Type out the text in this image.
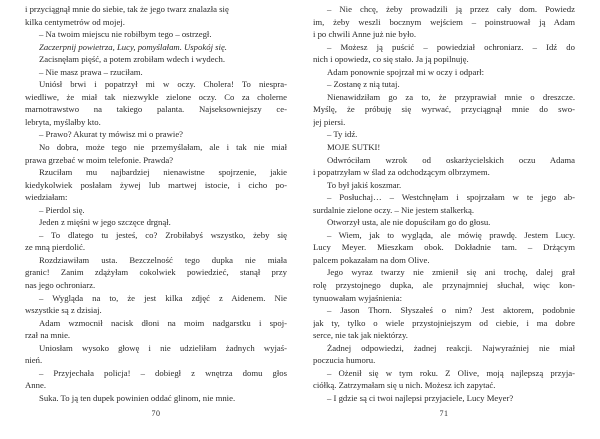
i przyciągnął mnie do siebie, tak że jego twarz znalazła się
kilka centymetrów od mojej.
– Na twoim miejscu nie robiłbym tego – ostrzegł.
Zaczerpnij powietrza, Lucy, pomyślałam. Uspokój się.
Zacisnęłam pięść, a potem zrobiłam wdech i wydech.
– Nie masz prawa – rzuciłam.
Uniósł brwi i popatrzył mi w oczy. Cholera! To niespra-
wiedliwe, że miał tak niezwykle zielone oczy. Co za cholerne
marnotrawstwo na takiego palanta. Najseksowniejszy ce-
lebryta, myślałby kto.
– Prawo? Akurat ty mówisz mi o prawie?
No dobra, może tego nie przemyślałam, ale i tak nie miał
prawa grzebać w moim telefonie. Prawda?
Rzuciłam mu najbardziej nienawistne spojrzenie, jakie
kiedykolwiek posłałam żywej lub martwej istocie, i cicho po-
wiedziałam:
– Pierdol się.
Jeden z mięśni w jego szczęce drgnął.
– To dlatego tu jesteś, co? Zrobiłabyś wszystko, żeby się
ze mną pierdolić.
Rozdziawiłam usta. Bezczelność tego dupka nie miała
granic! Zanim zdążyłam cokolwiek powiedzieć, stanął przy
nas jego ochroniarz.
– Wygląda na to, że jest kilka zdjęć z Aidenem. Nie
wszystkie są z dzisiaj.
Adam wzmocnił nacisk dłoni na moim nadgarstku i spoj-
rzał na mnie.
Uniosłam wysoko głowę i nie udzieliłam żadnych wyjaś-
nień.
– Przyjechała policja! – dobiegł z wnętrza domu głos
Anne.
Suka. To ją ten dupek powinien oddać glinom, nie mnie.
70
– Nie chcę, żeby prowadzili ją przez cały dom. Powiedz
im, żeby weszli bocznym wejściem – poinstruował ją Adam
i po chwili Anne już nie było.
– Możesz ją puścić – powiedział ochroniarz. – Idź do
nich i opowiedz, co się stało. Ja ją popilnuję.
Adam ponownie spojrzał mi w oczy i odparł:
– Zostanę z nią tutaj.
Nienawidziłam go za to, że przyprawiał mnie o dreszcze.
Myślę, że próbuję się wyrwać, przyciągnął mnie do swo-
jej piersi.
– Ty idź.
MOJE SUTKI!
Odwróciłam wzrok od oskarżycielskich oczu Adama
i popatrzyłam w ślad za odchodzącym olbrzymem.
To był jakiś koszmar.
– Posłuchaj… – Westchnęłam i spojrzałam w te jego ab-
surdalnie zielone oczy. – Nie jestem stalkerką.
Otworzył usta, ale nie dopuściłam go do głosu.
– Wiem, jak to wygląda, ale mówię prawdę. Jestem Lucy.
Lucy Meyer. Mieszkam obok. Dokładnie tam. – Drżącym
palcem pokazałam na dom Olive.
Jego wyraz twarzy nie zmienił się ani trochę, dalej grał
rolę przystojnego dupka, ale przynajmniej słuchał, więc kon-
tynuowałam wyjaśnienia:
– Jason Thorn. Słyszałeś o nim? Jest aktorem, podobnie
jak ty, tylko o wiele przystojniejszym od ciebie, i ma dobre
serce, nie tak jak niektórzy.
Żadnej odpowiedzi, żadnej reakcji. Najwyraźniej nie miał
poczucia humoru.
– Ożenił się w tym roku. Z Olive, moją najlepszą przyja-
ciółką. Zatrzymałam się u nich. Możesz ich zapytać.
– I gdzie są ci twoi najlepsi przyjaciele, Lucy Meyer?
71
